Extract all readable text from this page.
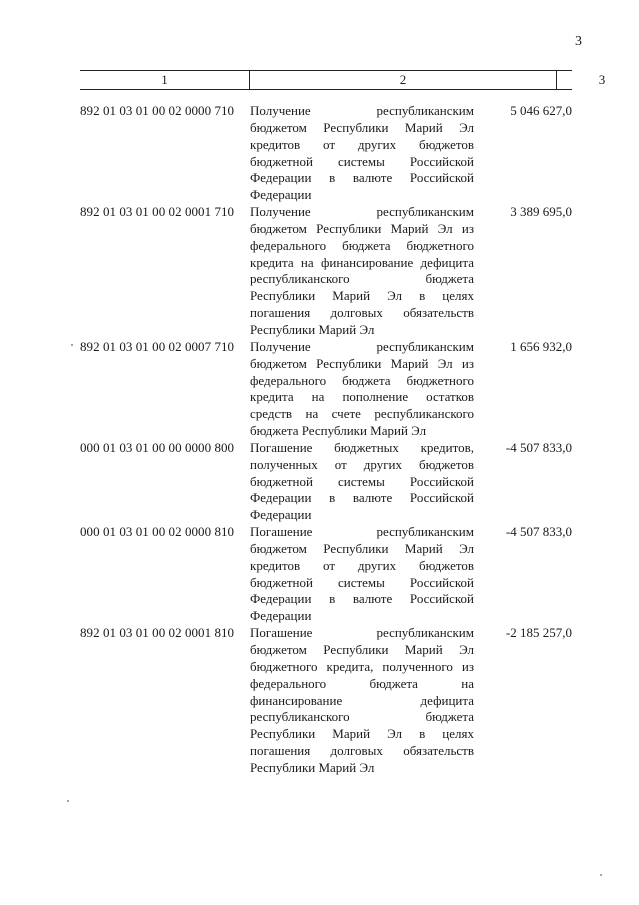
3
1	2	3
892 01 03 01 00 02 0000 710 Получение республиканским
бюджетом Республики Марий Эл
кредитов от других бюджетов
бюджетной системы Российской
Федерации в валюте Российской
Федерации
5 046 627,0
892 01 03 01 00 02 0001 710 Получение республиканским
бюджетом Республики Марий Эл из
федерального бюджета бюджетного
кредита на финансирование дефицита
республиканского бюджета
Республики Марий Эл в целях
погашения долговых обязательств
Республики Марий Эл
3 389 695,0
892 01 03 01 00 02 0007 710 Получение республиканским
бюджетом Республики Марий Эл из
федерального бюджета бюджетного
кредита на пополнение остатков
средств на счете республиканского
бюджета Республики Марий Эл
1 656 932,0
000 01 03 01 00 00 0000 800 Погашение бюджетных кредитов,
полученных от других бюджетов
бюджетной системы Российской
Федерации в валюте Российской
Федерации
-4 507 833,0
000 01 03 01 00 02 0000 810 Погашение республиканским
бюджетом Республики Марий Эл
кредитов от других бюджетов
бюджетной системы Российской
Федерации в валюте Российской
Федерации
-4 507 833,0
892 01 03 01 00 02 0001 810 Погашение республиканским
бюджетом Республики Марий Эл
бюджетного кредита, полученного из
федерального бюджета на
финансирование дефицита
республиканского бюджета
Республики Марий Эл в целях
погашения долговых обязательств
Республики Марий Эл
-2 185 257,0
